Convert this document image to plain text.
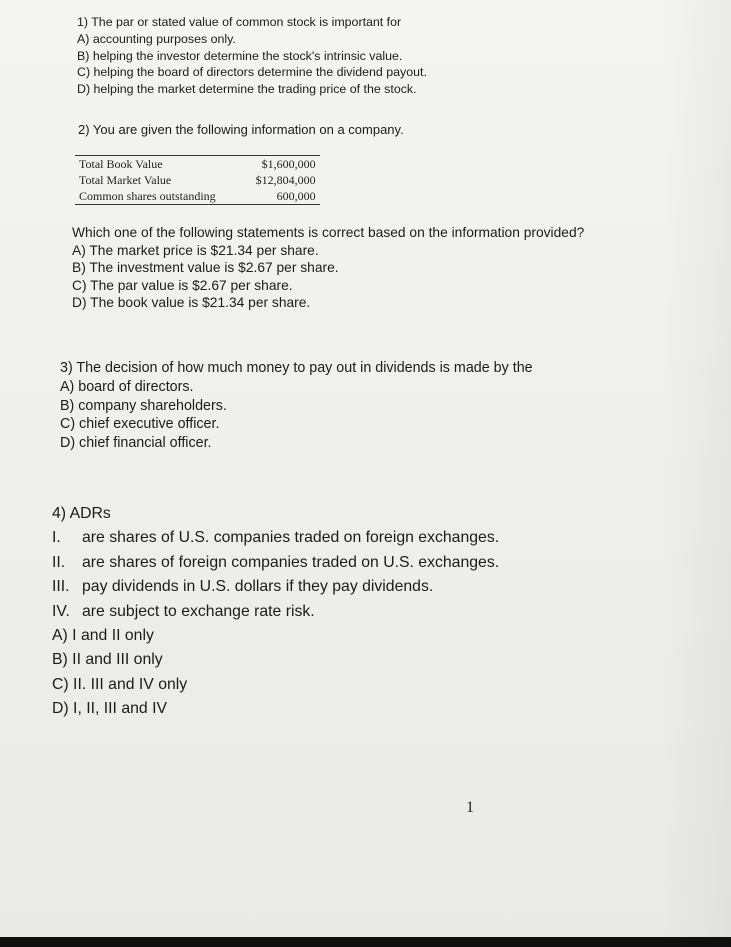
1) The par or stated value of common stock is important for
A) accounting purposes only.
B) helping the investor determine the stock's intrinsic value.
C) helping the board of directors determine the dividend payout.
D) helping the market determine the trading price of the stock.
2) You are given the following information on a company.
Total Book Value	$1,600,000
Total Market Value	$12,804,000
Common shares outstanding	600,000
Which one of the following statements is correct based on the information provided?
A) The market price is $21.34 per share.
B) The investment value is $2.67 per share.
C) The par value is $2.67 per share.
D) The book value is $21.34 per share.
3) The decision of how much money to pay out in dividends is made by the
A) board of directors.
B) company shareholders.
C) chief executive officer.
D) chief financial officer.
4) ADRs
I. are shares of U.S. companies traded on foreign exchanges.
II. are shares of foreign companies traded on U.S. exchanges.
III. pay dividends in U.S. dollars if they pay dividends.
IV. are subject to exchange rate risk.
A) I and II only
B) II and III only
C) II. III and IV only
D) I, II, III and IV
1
